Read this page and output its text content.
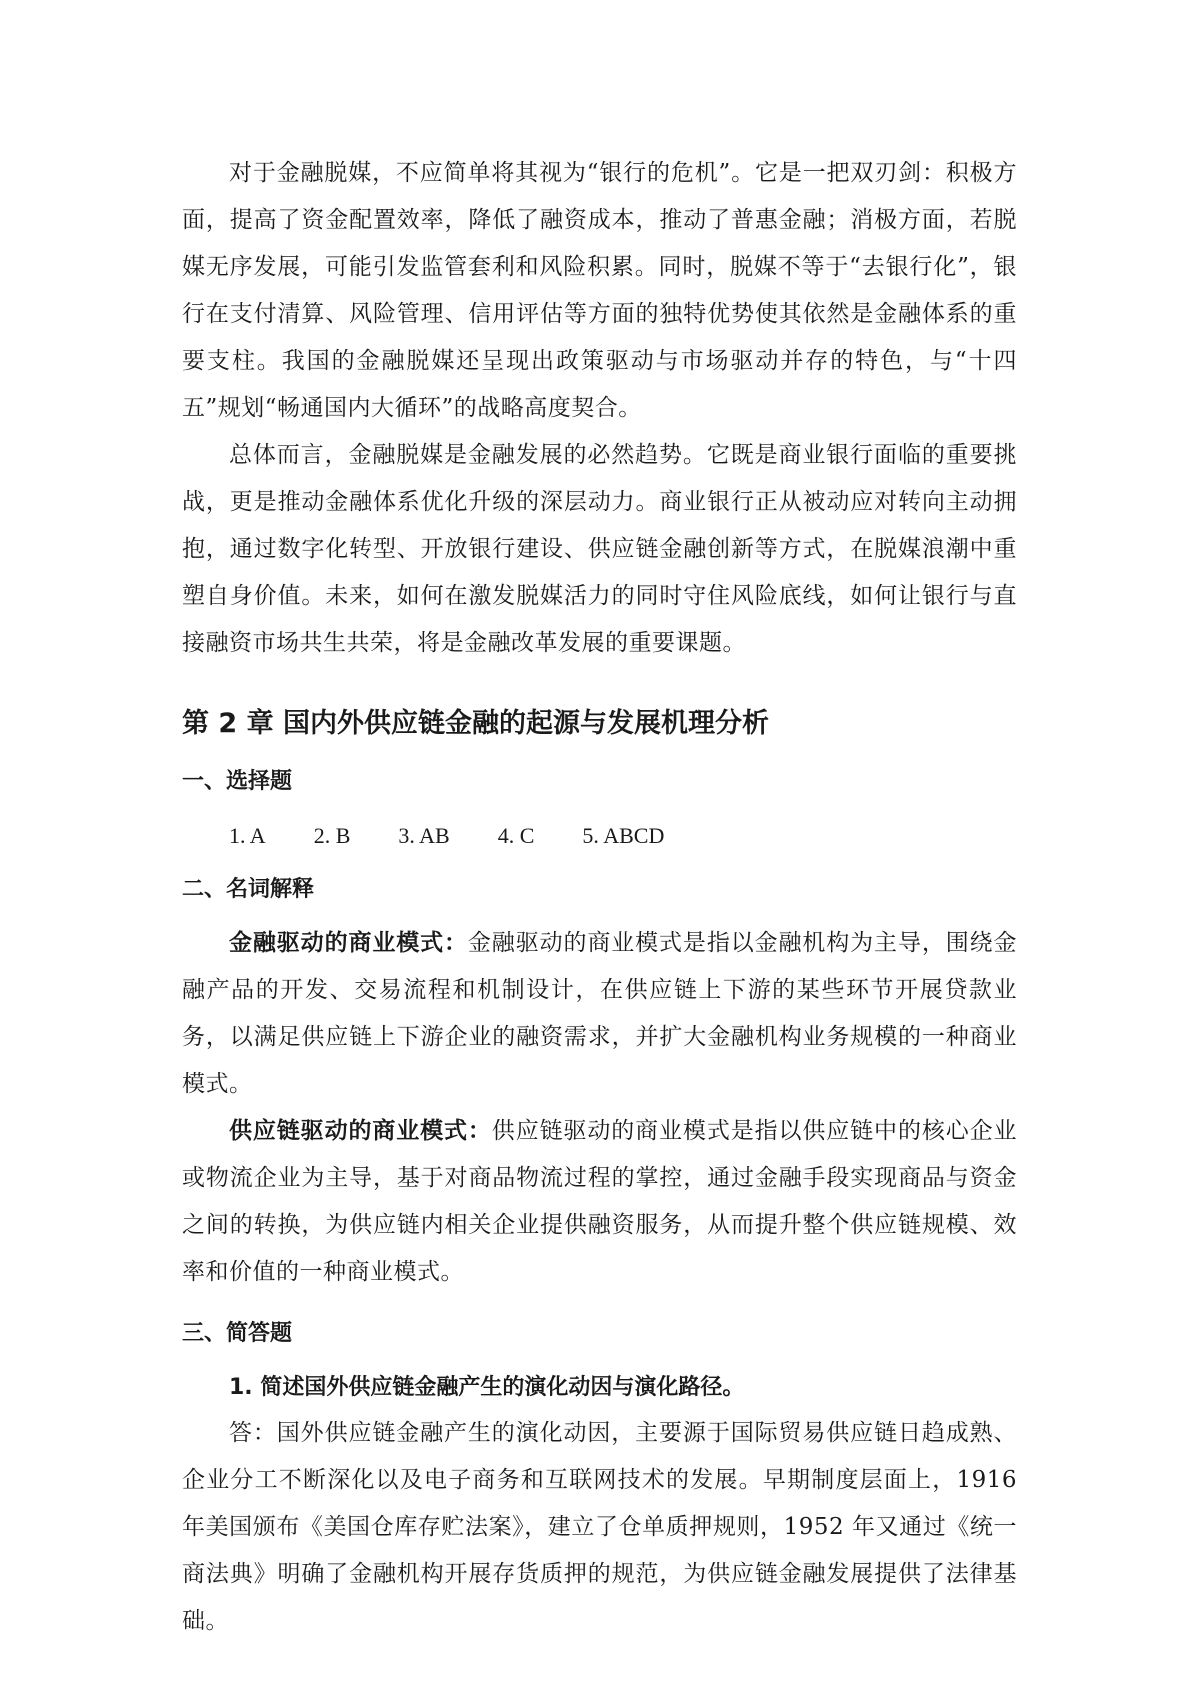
对于金融脱媒，不应简单将其视为“银行的危机”。它是一把双刃剑：积极方面，提高了资金配置效率，降低了融资成本，推动了普惠金融；消极方面，若脱媒无序发展，可能引发监管套利和风险积累。同时，脱媒不等于“去银行化”，银行在支付清算、风险管理、信用评估等方面的独特优势使其依然是金融体系的重要支柱。我国的金融脱媒还呈现出政策驱动与市场驱动并存的特色，与“十四五”规划“畅通国内大循环”的战略高度契合。

总体而言，金融脱媒是金融发展的必然趋势。它既是商业银行面临的重要挑战，更是推动金融体系优化升级的深层动力。商业银行正从被动应对转向主动拥抱，通过数字化转型、开放银行建设、供应链金融创新等方式，在脱媒浪潮中重塑自身价值。未来，如何在激发脱媒活力的同时守住风险底线，如何让银行与直接融资市场共生共荣，将是金融改革发展的重要课题。

第 2 章 国内外供应链金融的起源与发展机理分析
一、选择题
1. A 2. B 3. AB 4. C 5. ABCD
二、名词解释

金融驱动的商业模式：金融驱动的商业模式是指以金融机构为主导，围绕金融产品的开发、交易流程和机制设计，在供应链上下游的某些环节开展贷款业务，以满足供应链上下游企业的融资需求，并扩大金融机构业务规模的一种商业模式。

供应链驱动的商业模式：供应链驱动的商业模式是指以供应链中的核心企业或物流企业为主导，基于对商品物流过程的掌控，通过金融手段实现商品与资金之间的转换，为供应链内相关企业提供融资服务，从而提升整个供应链规模、效率和价值的一种商业模式。

三、简答题
1. 简述国外供应链金融产生的演化动因与演化路径。

答：国外供应链金融产生的演化动因，主要源于国际贸易供应链日趋成熟、企业分工不断深化以及电子商务和互联网技术的发展。早期制度层面上，1916 年美国颁布《美国仓库存贮法案》，建立了仓单质押规则，1952 年又通过《统一商法典》明确了金融机构开展存货质押的规范，为供应链金融发展提供了法律基础。
